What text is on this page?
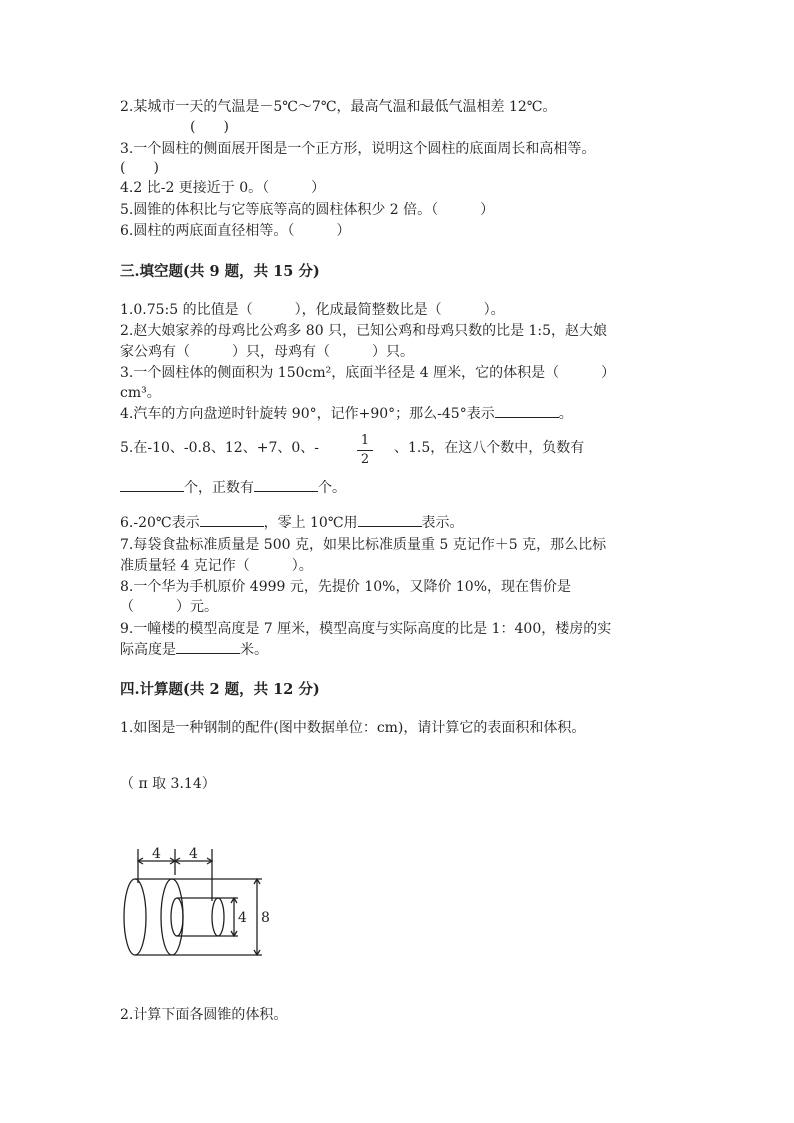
2.某城市一天的气温是－5℃～7℃，最高气温和最低气温相差 12℃。
(　　)
3.一个圆柱的侧面展开图是一个正方形，说明这个圆柱的底面周长和高相等。
(　　)
4.2 比-2 更接近于 0。（　　　）
5.圆锥的体积比与它等底等高的圆柱体积少 2 倍。（　　　）
6.圆柱的两底面直径相等。（　　　）
三.填空题(共 9 题，共 15 分)
1.0.75:5 的比值是（　　　），化成最简整数比是（　　　）。
2.赵大娘家养的母鸡比公鸡多 80 只，已知公鸡和母鸡只数的比是 1:5，赵大娘
家公鸡有（　　　）只，母鸡有（　　　）只。
3.一个圆柱体的侧面积为 150cm²，底面半径是 4 厘米，它的体积是（　　　）
cm³。
4.汽车的方向盘逆时针旋转 90°，记作+90°；那么-45°表示	。
5.在-10、-0.8、12、+7、0、-	$\frac{1}{2}$ 、1.5，在这八个数中，负数有
个，正数有	个。
6.-20℃表示	，零上 10℃用	表示。
7.每袋食盐标准质量是 500 克，如果比标准质量重 5 克记作＋5 克，那么比标
准质量轻 4 克记作（　　　）。
8.一个华为手机原价 4999 元，先提价 10%，又降价 10%，现在售价是
（　　　）元。
9.一幢楼的模型高度是 7 厘米，模型高度与实际高度的比是 1：400，楼房的实
际高度是	米。
四.计算题(共 2 题，共 12 分)
1.如图是一种钢制的配件(图中数据单位：cm)，请计算它的表面积和体积。
（ π 取 3.14）
4 4
4 8
2.计算下面各圆锥的体积。
